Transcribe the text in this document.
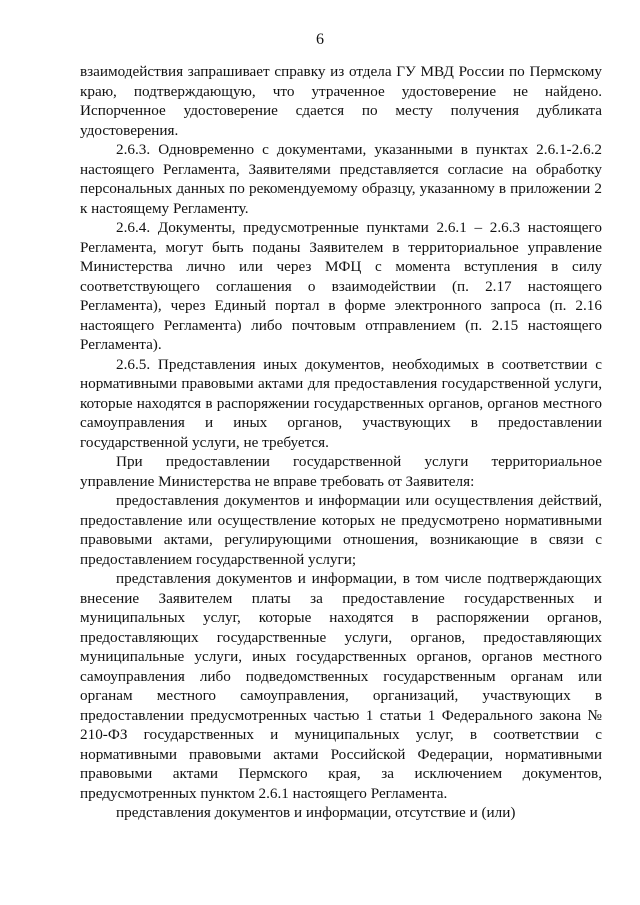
6

взаимодействия запрашивает справку из отдела ГУ МВД России по Пермскому краю, подтверждающую, что утраченное удостоверение не найдено. Испорченное удостоверение сдается по месту получения дубликата удостоверения.

2.6.3. Одновременно с документами, указанными в пунктах 2.6.1-2.6.2 настоящего Регламента, Заявителями представляется согласие на обработку персональных данных по рекомендуемому образцу, указанному в приложении 2 к настоящему Регламенту.

2.6.4. Документы, предусмотренные пунктами 2.6.1 – 2.6.3 настоящего Регламента, могут быть поданы Заявителем в территориальное управление Министерства лично или через МФЦ с момента вступления в силу соответствующего соглашения о взаимодействии (п. 2.17 настоящего Регламента), через Единый портал в форме электронного запроса (п. 2.16 настоящего Регламента) либо почтовым отправлением (п. 2.15 настоящего Регламента).

2.6.5. Представления иных документов, необходимых в соответствии с нормативными правовыми актами для предоставления государственной услуги, которые находятся в распоряжении государственных органов, органов местного самоуправления и иных органов, участвующих в предоставлении государственной услуги, не требуется.

При предоставлении государственной услуги территориальное управление Министерства не вправе требовать от Заявителя:

предоставления документов и информации или осуществления действий, предоставление или осуществление которых не предусмотрено нормативными правовыми актами, регулирующими отношения, возникающие в связи с предоставлением государственной услуги;

представления документов и информации, в том числе подтверждающих внесение Заявителем платы за предоставление государственных и муниципальных услуг, которые находятся в распоряжении органов, предоставляющих государственные услуги, органов, предоставляющих муниципальные услуги, иных государственных органов, органов местного самоуправления либо подведомственных государственным органам или органам местного самоуправления, организаций, участвующих в предоставлении предусмотренных частью 1 статьи 1 Федерального закона № 210-ФЗ государственных и муниципальных услуг, в соответствии с нормативными правовыми актами Российской Федерации, нормативными правовыми актами Пермского края, за исключением документов, предусмотренных пунктом 2.6.1 настоящего Регламента.

представления документов и информации, отсутствие и (или)
